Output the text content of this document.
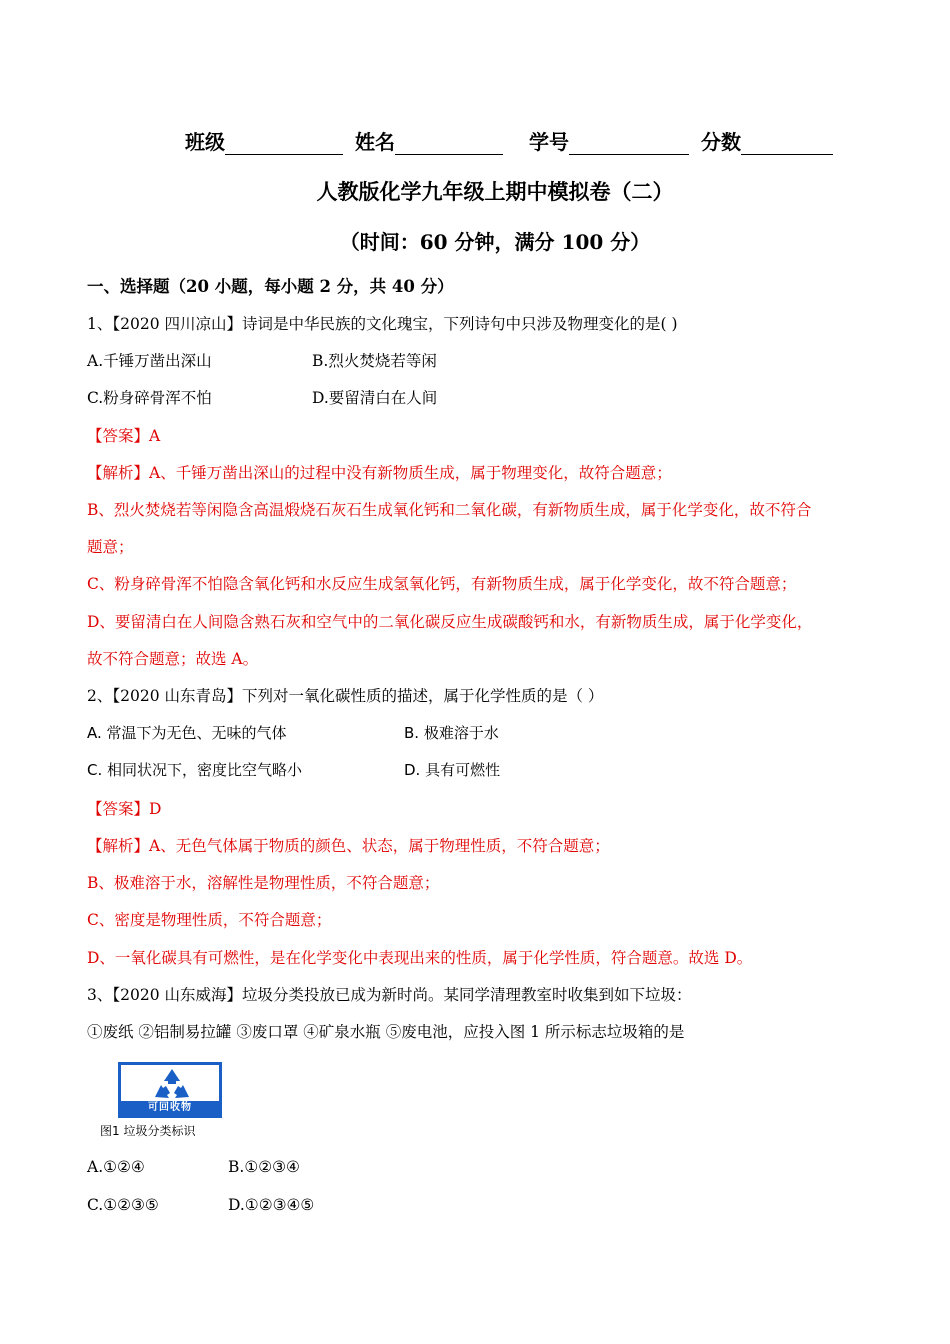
班级	姓名	学号	分数
人教版化学九年级上期中模拟卷（二）
（时间：60 分钟，满分 100 分）
一、选择题（20 小题，每小题 2 分，共 40 分）
1、【2020 四川凉山】诗词是中华民族的文化瑰宝，下列诗句中只涉及物理变化的是( )
A.千锤万凿出深山	B.烈火焚烧若等闲
C.粉身碎骨浑不怕	D.要留清白在人间
【答案】A
【解析】A、千锤万凿出深山的过程中没有新物质生成，属于物理变化，故符合题意；
B、烈火焚烧若等闲隐含高温煅烧石灰石生成氧化钙和二氧化碳，有新物质生成，属于化学变化，故不符合
题意；
C、粉身碎骨浑不怕隐含氧化钙和水反应生成氢氧化钙，有新物质生成，属于化学变化，故不符合题意；
D、要留清白在人间隐含熟石灰和空气中的二氧化碳反应生成碳酸钙和水，有新物质生成，属于化学变化，
故不符合题意；故选 A。
2、【2020 山东青岛】下列对一氧化碳性质的描述，属于化学性质的是（ ）
A. 常温下为无色、无味的气体	B. 极难溶于水
C. 相同状况下，密度比空气略小	D. 具有可燃性
【答案】D
【解析】A、无色气体属于物质的颜色、状态，属于物理性质，不符合题意；
B、极难溶于水，溶解性是物理性质，不符合题意；
C、密度是物理性质，不符合题意；
D、一氧化碳具有可燃性，是在化学变化中表现出来的性质，属于化学性质，符合题意。故选 D。
3、【2020 山东威海】垃圾分类投放已成为新时尚。某同学清理教室时收集到如下垃圾：
①废纸 ②铝制易拉罐 ③废口罩 ④矿泉水瓶 ⑤废电池，应投入图 1 所示标志垃圾箱的是
可回收物
图1 垃圾分类标识
A.①②④	B.①②③④
C.①②③⑤	D.①②③④⑤
